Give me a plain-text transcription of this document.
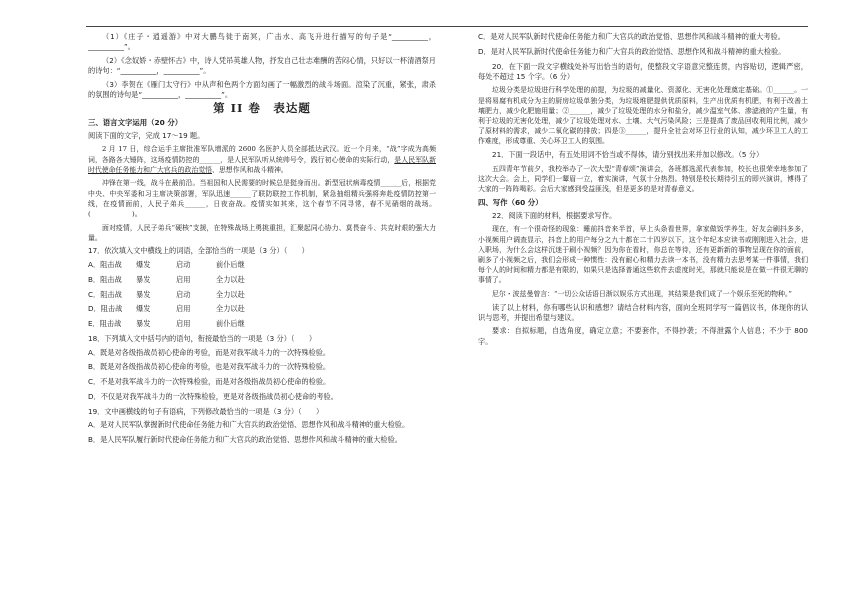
（1）《庄子・逍遥游》中对大鹏鸟徙于南冥，广击水、高飞升进行描写的句子是“__________，__________”。

（2）《念奴娇・赤壁怀古》中，诗人凭吊英雄人物，抒发自己壮志难酬的苦闷心情，只好以一杯清酒祭月的诗句：“__________，__________”。

（3）李贺在《雁门太守行》中从声和色两个方面勾画了一幅激烈的战斗场面。渲染了沉重，紧张，肃杀的氛围的诗句是“__________，__________”。

第 II 卷　表达题
三、语言文字运用（20 分）

阅读下面的文字，完成 17～19 题。

2 月 17 日，综合运手主席批准军队增派的 2600 名医护人员全部抵达武汉。近一个月来，“战”字成为高频词，各路各大锤阵，这场疫情防控的______，是人民军队听从统帅号令，践行初心使命的实际行动，是人民军队新时代使命任务能力和广大官兵的政治觉悟、思想作风和战斗精神。

冲锋在第一线，战斗在最前沿。当祖国和人民需要的时候总是挺身而出。新型冠状病毒疫情______后，根据党中央、中央军委和习主席决策部署，军队迅速______了联防联控工作机制，紧急抽组精兵强将奔赴疫情防控第一线，在疫情面前，人民子弟兵______，日夜奋战。疫情实如其来，这个春节不同寻常，春不见硝烟的战场。(　　　　　　)。

面对疫情，人民子弟兵“硬核”支援，在特殊战场上勇挑重担，汇聚起同心协力、莫畏奋斗、共克时艰的强大力量。

17．依次填入文中横线上的词语，全部恰当的一项是（3 分）（　　）

A．阻击战 爆发	启动	前仆后继

B．阻击战 暴发	启用	全力以赴

C．阻击战 暴发	启动	全力以赴

D．阻击战 爆发	启用	全力以赴

E．阻击战 暴发	启用	前仆后继

18．下列填入文中括号内的语句，衔接最恰当的一项是（3 分）（　　）

A．既是对各级指战员初心使命的考验，而是对我军战斗力的一次特殊检验。

B．既是对各级指战员初心使命的考验，也是对我军战斗力的一次特殊检验。

C．不是对我军战斗力的一次特殊检验，而是对各级指战员初心使命的检验。

D．不仅是对我军战斗力的一次特殊检验，更是对各级指战员初心使命的考验。

19．文中画横线的句子有语病，下列修改最恰当的一项是（3 分）（　　）

A．是对人民军队掌握新时代使命任务能力和广大官兵的政治觉悟、思想作风和战斗精神的重大检验。

B．是人民军队履行新时代使命任务能力和广大官兵的政治觉悟、思想作风和战斗精神的重大检验。

C．是对人民军队新时代使命任务能力和广大官兵的政治觉悟、思想作风和战斗精神的重大考验。

D．是对人民军队新时代使命任务能力和广大官兵的政治觉悟、思想作风和战斗精神的重大检验。

20．在下面一段文字横线处补写出恰当的语句，使整段文字语意完整连贯，内容贴切，逻辑严密，每处不超过 15 个字。（6 分）

垃圾分类是垃圾进行科学处理的前提，为垃圾的减量化、资源化、无害化处理奠定基础。①______。一是将易腐有机成分为主的厨房垃圾单独分类，为垃圾堆肥提供优质原料，生产出优质有机肥，有利于改善土壤肥力，减少化肥施用量；②______，减少了垃圾处理的水分和盐分，减少温室气体、渗滤液的产生量，有利于垃圾的无害化处理，减少了垃圾处理对水、土壤、大气污染风险；三是提高了废品回收利用比例，减少了原材料的需求，减少二氧化碳的排放；四是③______，提升全社会对环卫行业的认知，减少环卫工人的工作难度，形成尊重、关心环卫工人的氛围。

21．下面一段话中，有五处用词不恰当或不得体，请分别找出来并加以修改。（5 分）

五四青年节前夕，我校举办了一次大型“青春颂”演讲会，各班都选派代表参加，校长也很荣幸地参加了这次大会。会上，同学们一颦眉一立，着实演讲，气氛十分热烈。特别是校长期待引五的即兴演讲，博得了大家的一阵阵喝彩。会后大家感到受益匪浅，但是更多的是对青春意义。

四、写作（60 分）

22．阅读下面的材料，根据要求写作。

现在，有一个很奇怪的现象：睡前抖音来半首，早上头条看世界，拿家做饭学养生，好友会刷抖多多，小视频用户调查显示，抖音上的用户每分之九十都在二十四岁以下，这个年纪本应读书或刚刚进入社会，进入职场，为什么会这样沉迷于刷小视频？因为你在看时，你总在等待，还有更新新的事物呈现在你的面前，刷多了小视频之后，我们会形成一种惯性：没有耐心和精力去读一本书，没有精力去思考某一件事情，我们每个人的时间和精力都是有限的，如果只是选择普通这些软件去虚度时光，那就只能说是在做一件很无聊的事情了。

尼尔・波兹曼曾言：“一切公众话语日渐以娱乐方式出现，其结果是我们成了一个娱乐至死的物种。”

读了以上材料，你有哪些认识和感想？请结合材料内容，面向全班同学写一篇倡议书，体现你的认识与思考，并提出希望与建议。

要求：自拟标题，自选角度，确定立意；不要套作，不得抄袭；不得泄露个人信息；不少于 800 字。
